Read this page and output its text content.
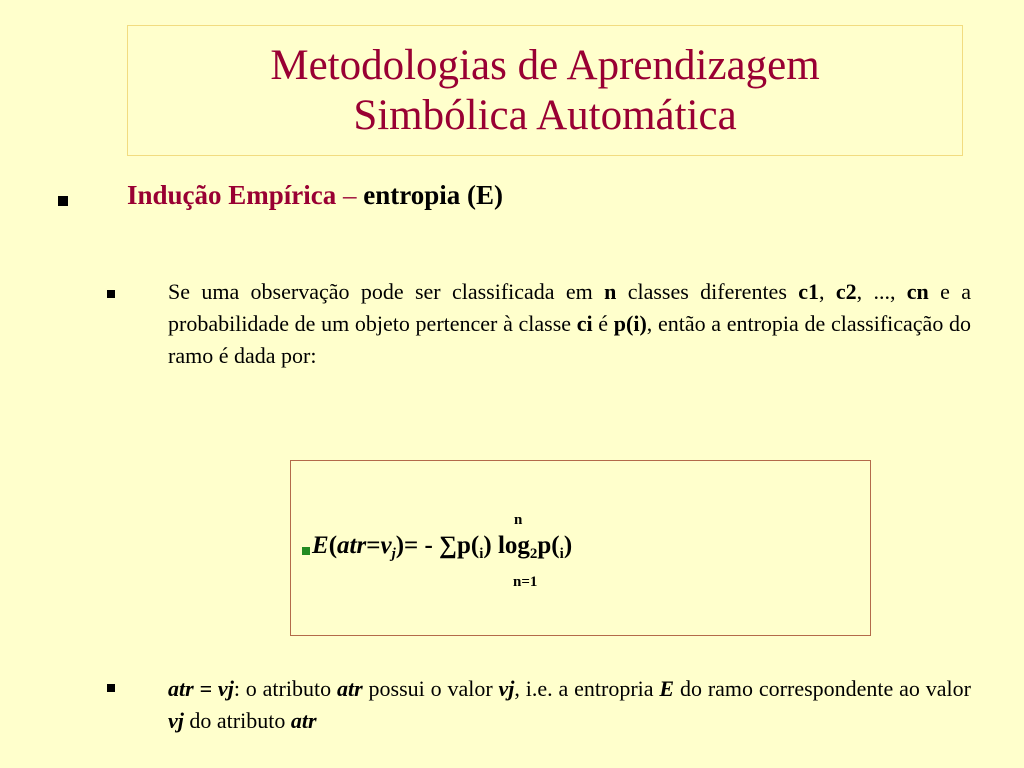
Metodologias de Aprendizagem
Simbólica Automática
Indução Empírica – entropia (E)
Se uma observação pode ser classificada em n classes diferentes c1, c2, ..., cn e a probabilidade de um objeto pertencer à classe ci é p(i), então a entropia de classificação do ramo é dada por:
n
$E(atr=v_j)= - \sum p(_i)$ $\log_2p(_i)$
n=1
atr = vj: o atributo atr possui o valor vj, i.e. a entropria E do ramo correspondente ao valor vj do atributo atr
